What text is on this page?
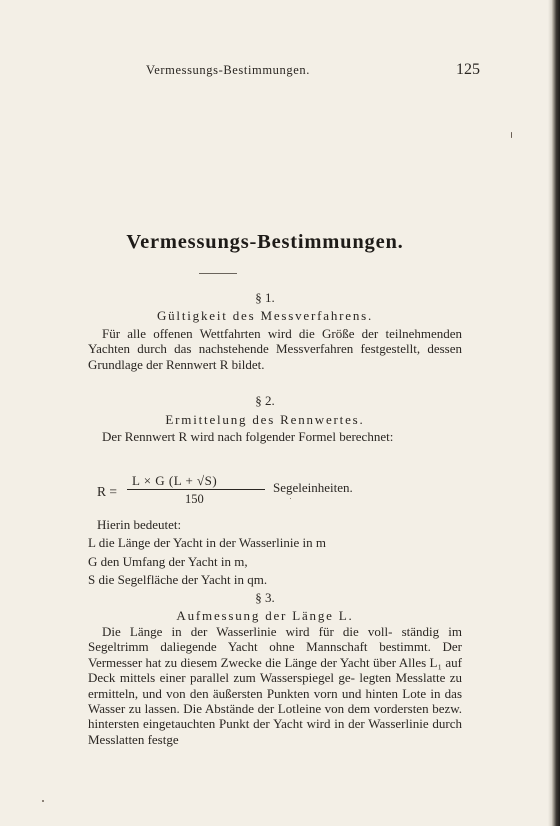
Vermessungs-Bestimmungen.	125
Vermessungs-Bestimmungen.
§ 1.
Gültigkeit des Messverfahrens.

Für alle offenen Wettfahrten wird die Größe der teilnehmenden Yachten durch das nachstehende Messverfahren festgestellt, dessen Grundlage der Rennwert R bildet.

§ 2.
Ermittelung des Rennwertes.

Der Rennwert R wird nach folgender Formel berechnet:

R =
L × G (L + √S)
150
Segeleinheiten.
Hierin bedeutet:
L die Länge der Yacht in der Wasserlinie in m
G den Umfang der Yacht in m,
S die Segelfläche der Yacht in qm.
§ 3.
Aufmessung der Länge L.

Die Länge in der Wasserlinie wird für die voll- ständig im Segeltrimm daliegende Yacht ohne Mannschaft bestimmt. Der Vermesser hat zu diesem Zwecke die Länge der Yacht über Alles L₁ auf Deck mittels einer parallel zum Wasserspiegel ge- legten Messlatte zu ermitteln, und von den äußersten Punkten vorn und hinten Lote in das Wasser zu lassen. Die Abstände der Lotleine von dem vordersten bezw. hintersten eingetauchten Punkt der Yacht wird in der Wasserlinie durch Messlatten festge
